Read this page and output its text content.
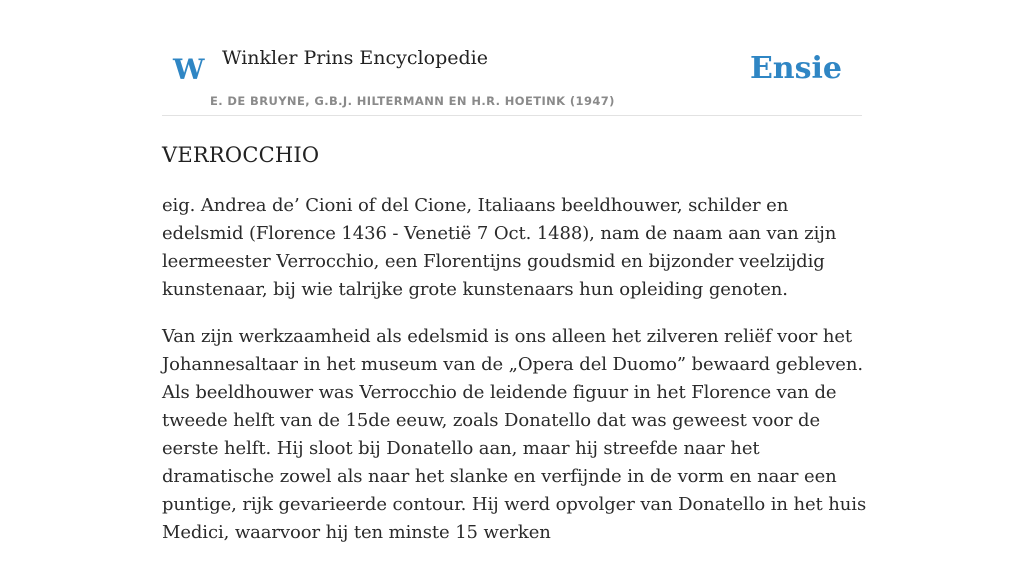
W Winkler Prins Encyclopedie
E. DE BRUYNE, G.B.J. HILTERMANN EN H.R. HOETINK (1947)
Ensie
VERROCCHIO

eig. Andrea de’ Cioni of del Cione, Italiaans beeldhouwer, schilder en edelsmid (Florence 1436 - Venetië 7 Oct. 1488), nam de naam aan van zijn leermeester Verrocchio, een Florentijns goudsmid en bijzonder veelzijdig kunstenaar, bij wie talrijke grote kunstenaars hun opleiding genoten.

Van zijn werkzaamheid als edelsmid is ons alleen het zilveren reliëf voor het Johannesaltaar in het museum van de „Opera del Duomo” bewaard gebleven. Als beeldhouwer was Verrocchio de leidende figuur in het Florence van de tweede helft van de 15de eeuw, zoals Donatello dat was geweest voor de eerste helft. Hij sloot bij Donatello aan, maar hij streefde naar het dramatische zowel als naar het slanke en verfijnde in de vorm en naar een puntige, rijk gevarieerde contour. Hij werd opvolger van Donatello in het huis Medici, waarvoor hij ten minste 15 werken
